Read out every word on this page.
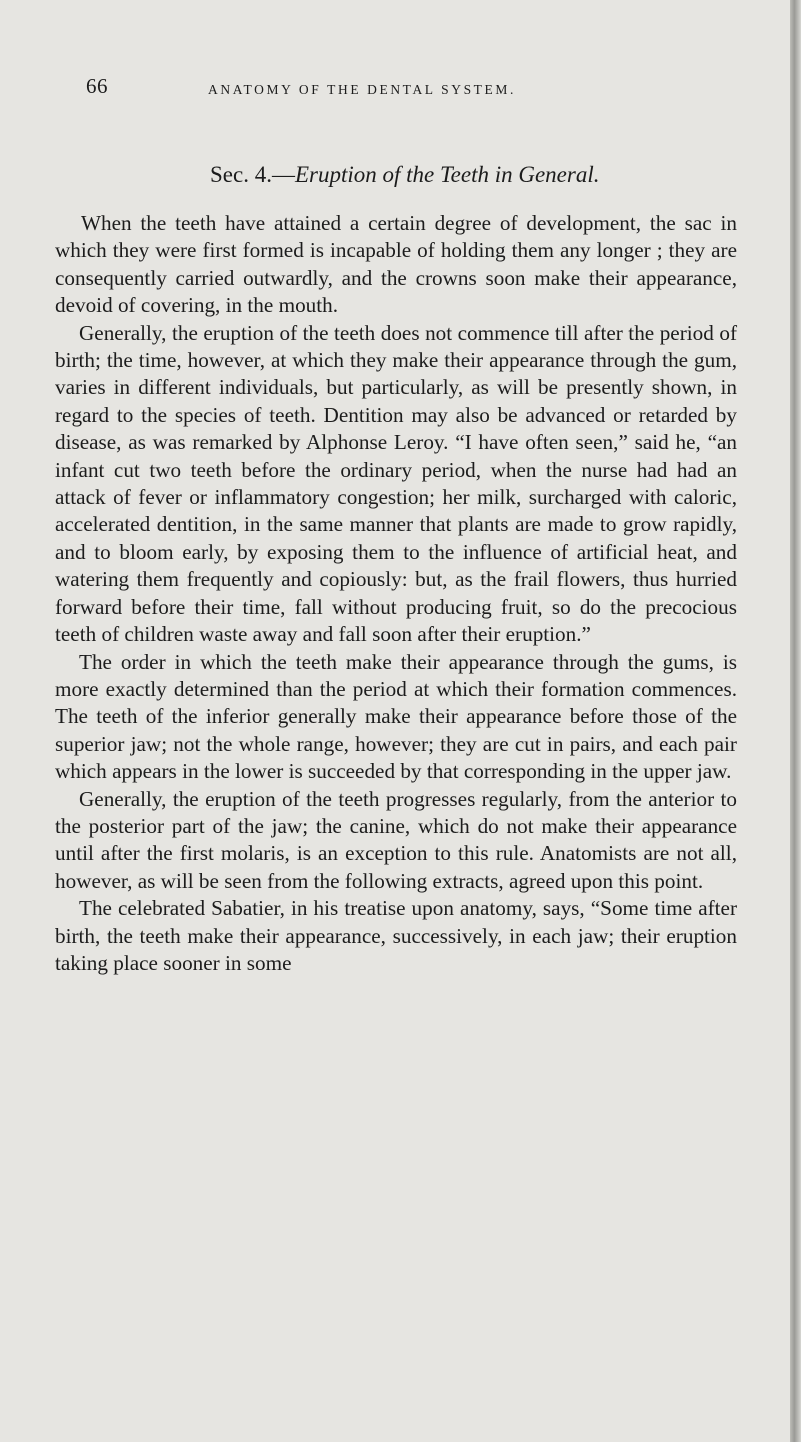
66	ANATOMY OF THE DENTAL SYSTEM.
Sec. 4.—Eruption of the Teeth in General.

When the teeth have attained a certain degree of development, the sac in which they were first formed is incapable of holding them any longer ; they are consequently carried outwardly, and the crowns soon make their appearance, devoid of covering, in the mouth.

Generally, the eruption of the teeth does not commence till after the period of birth; the time, however, at which they make their appearance through the gum, varies in different individuals, but particularly, as will be presently shown, in regard to the species of teeth. Dentition may also be advanced or retarded by disease, as was remarked by Alphonse Leroy. “I have often seen,” said he, “an infant cut two teeth before the ordinary period, when the nurse had had an attack of fever or inflammatory congestion; her milk, surcharged with caloric, accelerated dentition, in the same manner that plants are made to grow rapidly, and to bloom early, by exposing them to the influence of artificial heat, and watering them frequently and copiously: but, as the frail flowers, thus hurried forward before their time, fall without producing fruit, so do the precocious teeth of children waste away and fall soon after their eruption.”

The order in which the teeth make their appearance through the gums, is more exactly determined than the period at which their formation commences. The teeth of the inferior generally make their appearance before those of the superior jaw; not the whole range, however; they are cut in pairs, and each pair which appears in the lower is succeeded by that corresponding in the upper jaw.

Generally, the eruption of the teeth progresses regularly, from the anterior to the posterior part of the jaw; the canine, which do not make their appearance until after the first molaris, is an exception to this rule. Anatomists are not all, however, as will be seen from the following extracts, agreed upon this point.

The celebrated Sabatier, in his treatise upon anatomy, says, “Some time after birth, the teeth make their appearance, successively, in each jaw; their eruption taking place sooner in some
